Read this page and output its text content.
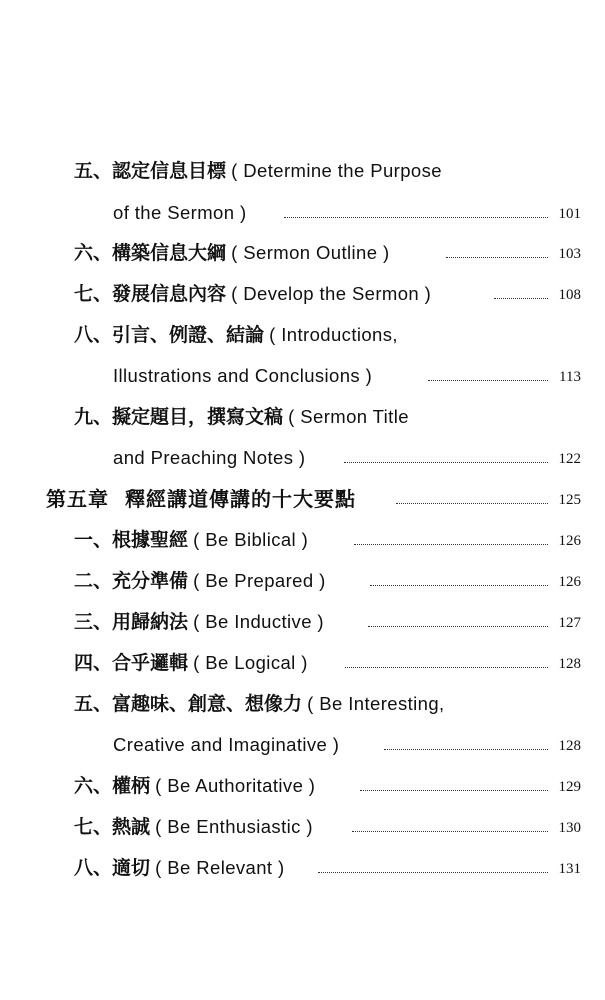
五、認定信息目標 ( Determine the Purpose
of the Sermon )	101
六、構築信息大綱 ( Sermon Outline )	103
七、發展信息內容 ( Develop the Sermon )	108
八、引言、例證、結論 ( Introductions,
Illustrations and Conclusions )	113
九、擬定題目，撰寫文稿 ( Sermon Title
and Preaching Notes )	122
第五章 釋經講道傳講的十大要點	125
一、根據聖經 ( Be Biblical )	126
二、充分準備 ( Be Prepared )	126
三、用歸納法 ( Be Inductive )	127
四、合乎邏輯 ( Be Logical )	128
五、富趣味、創意、想像力 ( Be Interesting,
Creative and Imaginative )	128
六、權柄 ( Be Authoritative )	129
七、熱誠 ( Be Enthusiastic )	130
八、適切 ( Be Relevant )	131
